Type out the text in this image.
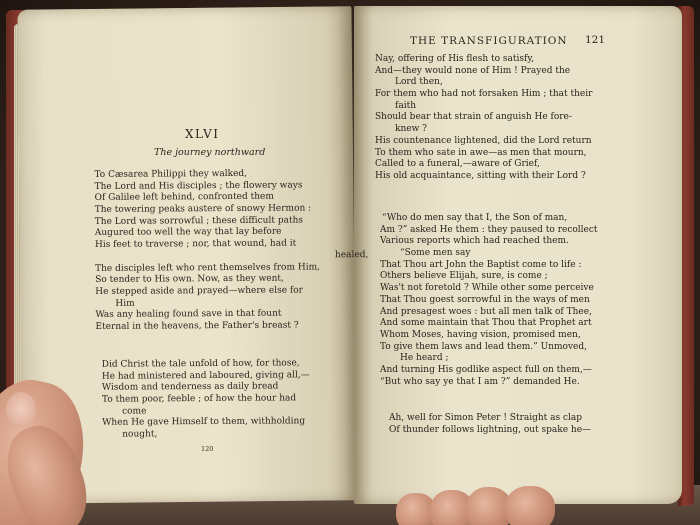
XLVI
The journey northward
To Cæsarea Philippi they walked,
The Lord and His disciples ; the flowery ways
Of Galilee left behind, confronted them
The towering peaks austere of snowy Hermon :
The Lord was sorrowful ; these difficult paths
Augured too well the way that lay before
His feet to traverse ; nor, that wound, had it
healed,
The disciples left who rent themselves from Him,
So tender to His own. Now, as they went,
He stepped aside and prayed—where else for
Him
Was any healing found save in that fount
Eternal in the heavens, the Father's breast ?
Did Christ the tale unfold of how, for those,
He had ministered and laboured, giving all,—
Wisdom and tenderness as daily bread
To them poor, feeble ; of how the hour had
come
When He gave Himself to them, withholding
nought,
120
THE TRANSFIGURATION 121
Nay, offering of His flesh to satisfy,
And—they would none of Him ! Prayed the
Lord then,
For them who had not forsaken Him ; that their
faith
Should bear that strain of anguish He fore-
knew ?
His countenance lightened, did the Lord return
To them who sate in awe—as men that mourn,
Called to a funeral,—aware of Grief,
His old acquaintance, sitting with their Lord ?
“Who do men say that I, the Son of man,
Am ?” asked He them : they paused to recollect
Various reports which had reached them.
“Some men say
That Thou art John the Baptist come to life :
Others believe Elijah, sure, is come ;
Was't not foretold ? While other some perceive
That Thou goest sorrowful in the ways of men
And presagest woes : but all men talk of Thee,
And some maintain that Thou that Prophet art
Whom Moses, having vision, promised men,
To give them laws and lead them.” Unmoved,
He heard ;
And turning His godlike aspect full on them,—
“But who say ye that I am ?” demanded He.
Ah, well for Simon Peter ! Straight as clap
Of thunder follows lightning, out spake he—
